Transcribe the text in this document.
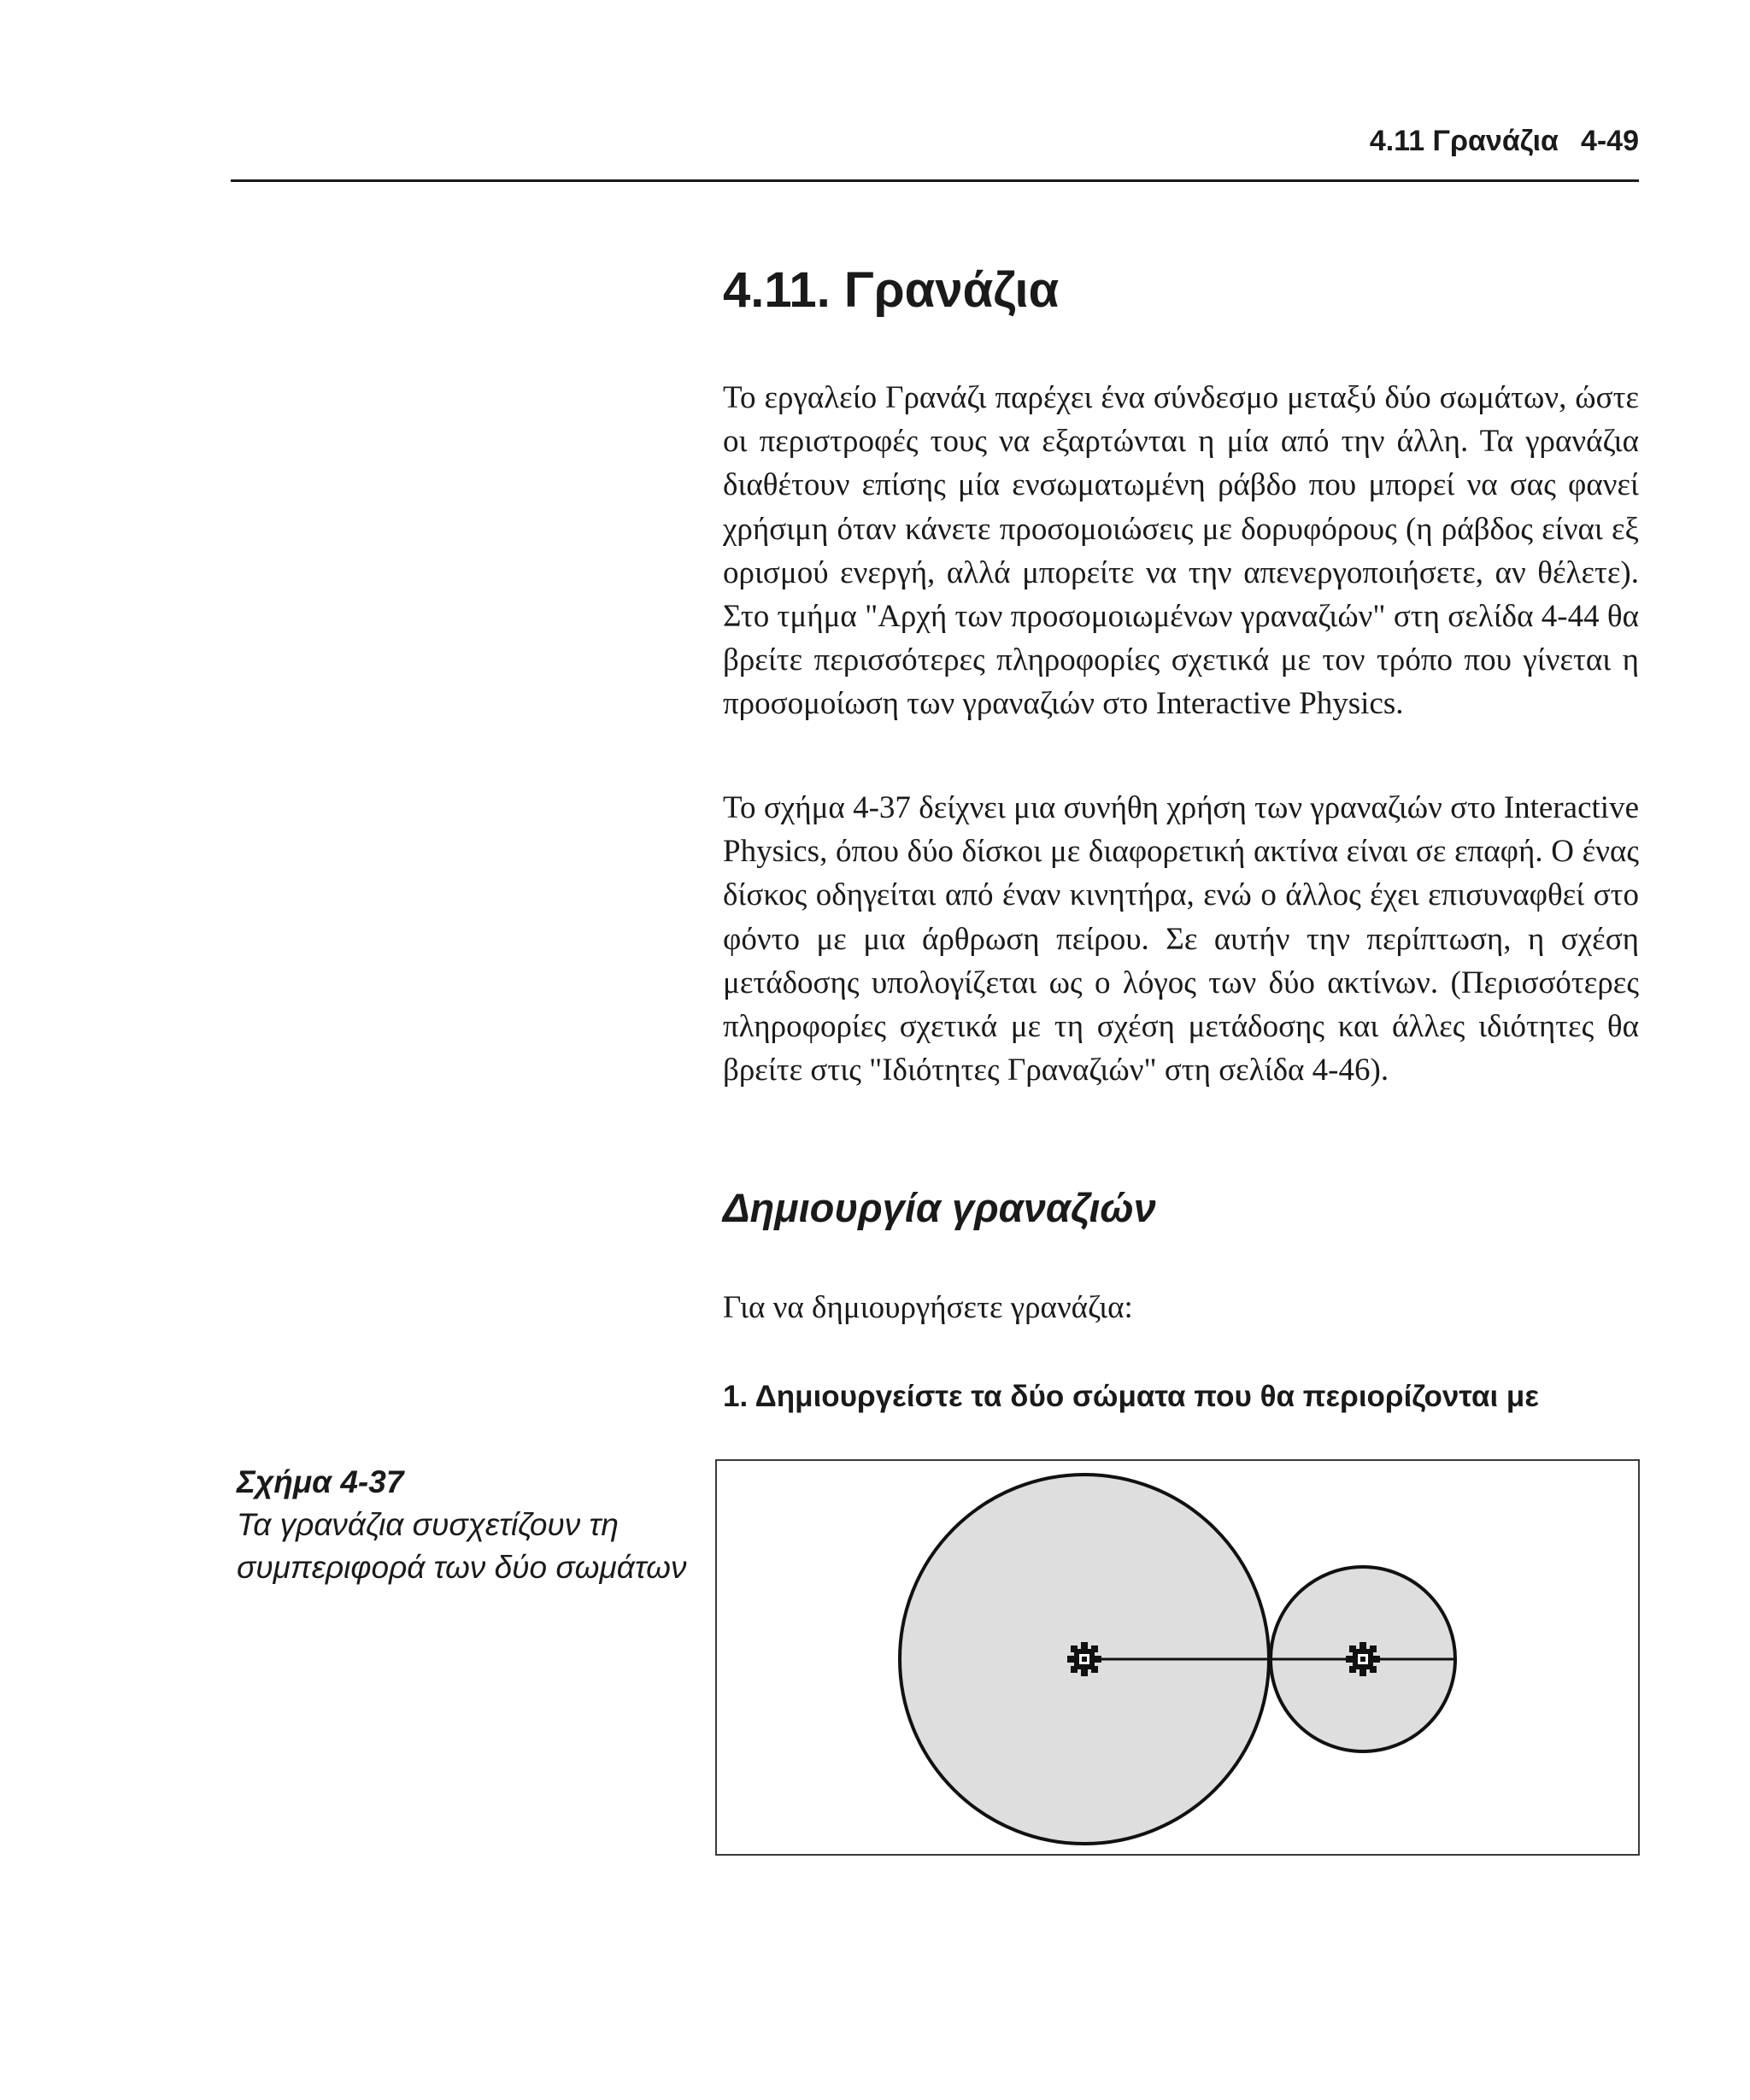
4.11 Γρανάζια 4-49
4.11. Γρανάζια

Το εργαλείο Γρανάζι παρέχει ένα σύνδεσμο μεταξύ δύο σωμάτων, ώστε οι περιστροφές τους να εξαρτώνται η μία από την άλλη. Τα γρανάζια διαθέτουν επίσης μία ενσωματωμένη ράβδο που μπορεί να σας φανεί χρήσιμη όταν κάνετε προσομοιώσεις με δορυφόρους (η ράβδος είναι εξ ορισμού ενεργή, αλλά μπορείτε να την απενεργοποιήσετε, αν θέλετε). Στο τμήμα "Αρχή των προσομοιωμένων γραναζιών" στη σελίδα 4-44 θα βρείτε περισσότερες πληροφορίες σχετικά με τον τρόπο που γίνεται η προσομοίωση των γραναζιών στο Interactive Physics.

Το σχήμα 4-37 δείχνει μια συνήθη χρήση των γραναζιών στο Interactive Physics, όπου δύο δίσκοι με διαφορετική ακτίνα είναι σε επαφή. Ο ένας δίσκος οδηγείται από έναν κινητήρα, ενώ ο άλλος έχει επισυναφθεί στο φόντο με μια άρθρωση πείρου. Σε αυτήν την περίπτωση, η σχέση μετάδοσης υπολογίζεται ως ο λόγος των δύο ακτίνων. (Περισσότερες πληροφορίες σχετικά με τη σχέση μετάδοσης και άλλες ιδιότητες θα βρείτε στις "Ιδιότητες Γραναζιών" στη σελίδα 4-46).

Δημιουργία γραναζιών

Για να δημιουργήσετε γρανάζια:

1. Δημιουργείστε τα δύο σώματα που θα περιορίζονται με
Σχήμα 4-37
Τα γρανάζια συσχετίζουν τη συμπεριφορά των δύο σωμάτων
